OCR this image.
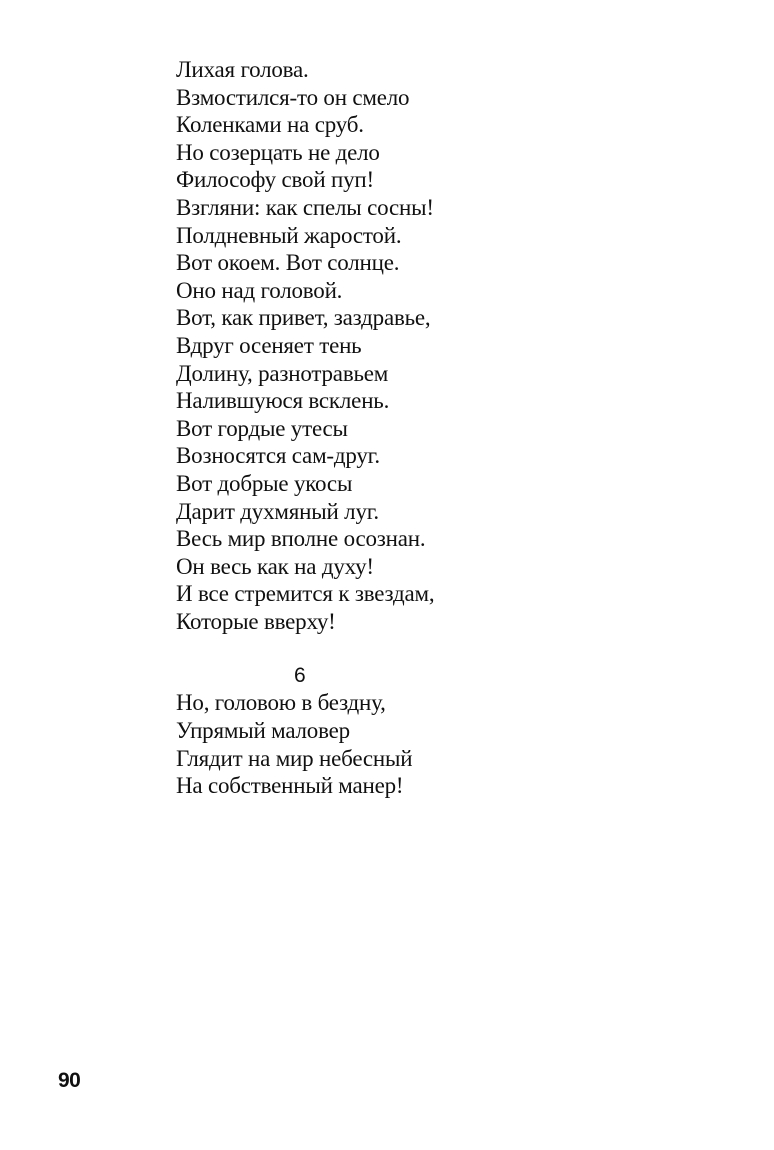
Лихая голова.
Взмостился-то он смело
Коленками на сруб.
Но созерцать не дело
Философу свой пуп!
Взгляни: как спелы сосны!
Полдневный жаростой.
Вот окоем. Вот солнце.
Оно над головой.
Вот, как привет, заздравье,
Вдруг осеняет тень
Долину, разнотравьем
Налившуюся всклень.
Вот гордые утесы
Возносятся сам-друг.
Вот добрые укосы
Дарит духмяный луг.
Весь мир вполне осознан.
Он весь как на духу!
И все стремится к звездам,
Которые вверху!
6
Но, головою в бездну,
Упрямый маловер
Глядит на мир небесный
На собственный манер!
90
